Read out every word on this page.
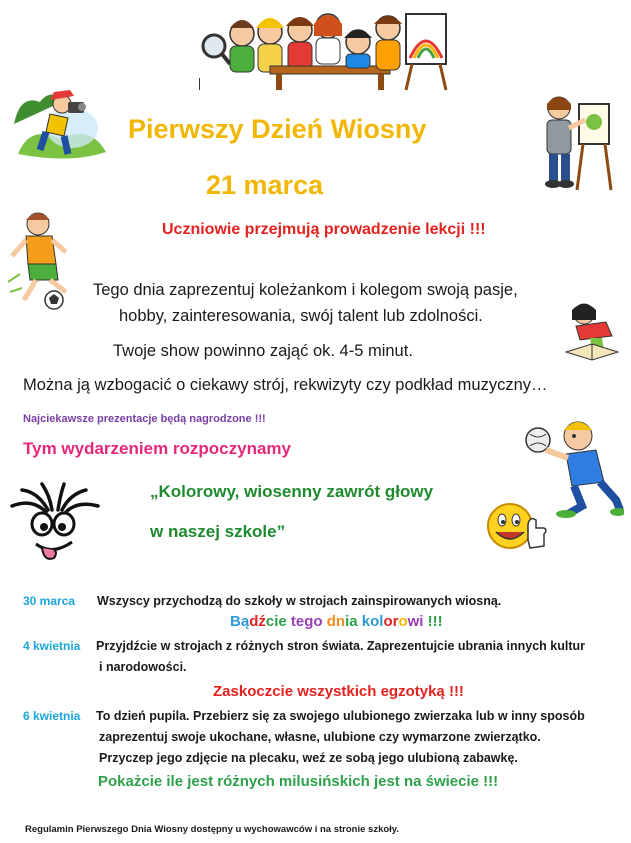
Pierwszy Dzień Wiosny
21 marca
Uczniowie przejmują prowadzenie lekcji !!!
Tego dnia zaprezentuj koleżankom i kolegom swoją pasje,
hobby, zainteresowania, swój talent lub zdolności.
Twoje show powinno zająć ok. 4-5 minut.
Można ją wzbogacić o ciekawy strój, rekwizyty czy podkład muzyczny…
Najciekawsze prezentacje będą nagrodzone !!!
Tym wydarzeniem rozpoczynamy
„Kolorowy, wiosenny zawrót głowy
w naszej szkole”
30 marca Wszyscy przychodzą do szkoły w strojach zainspirowanych wiosną.
Bądźcie tego dnia kolorowi !!!
4 kwietnia Przyjdźcie w strojach z różnych stron świata. Zaprezentujcie ubrania innych kultur
i narodowości.
Zaskoczcie wszystkich egzotyką !!!
6 kwietnia To dzień pupila. Przebierz się za swojego ulubionego zwierzaka lub w inny sposób
zaprezentuj swoje ukochane, własne, ulubione czy wymarzone zwierzątko.
Przyczep jego zdjęcie na plecaku, weź ze sobą jego ulubioną zabawkę.
Pokażcie ile jest różnych milusińskich jest na świecie !!!
Regulamin Pierwszego Dnia Wiosny dostępny u wychowawców i na stronie szkoły.
